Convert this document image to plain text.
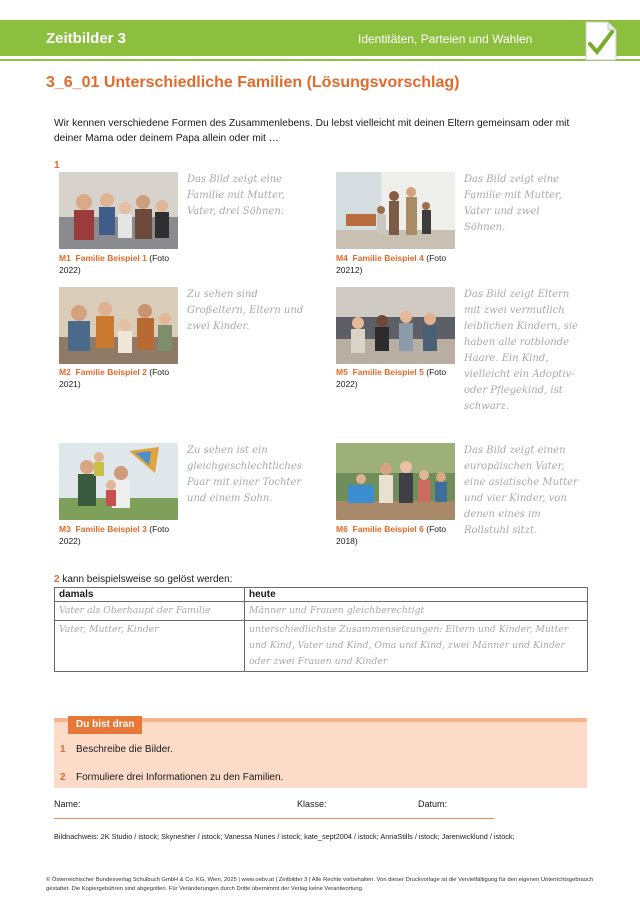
Zeitbilder 3	Identitäten, Parteien und Wahlen
3_6_01 Unterschiedliche Familien (Lösungsvorschlag)
Wir kennen verschiedene Formen des Zusammenlebens. Du lebst vielleicht mit deinen Eltern gemeinsam oder mit deiner Mama oder deinem Papa allein oder mit …
1
M1 Familie Beispiel 1 (Foto 2022)
Das Bild zeigt eine Familie mit Mutter, Vater, drei Söhnen.
M4 Familie Beispiel 4 (Foto 20212)
Das Bild zeigt eine Familie mit Mutter, Vater und zwei Söhnen.
M2 Familie Beispiel 2 (Foto 2021)
Zu sehen sind Großeltern, Eltern und zwei Kinder.
M5 Familie Beispiel 5 (Foto 2022)
Das Bild zeigt Eltern mit zwei vermutlich leiblichen Kindern, sie haben alle rotblonde Haare. Ein Kind, vielleicht ein Adoptiv- oder Pflegekind, ist schwarz.
M3 Familie Beispiel 3 (Foto 2022)
Zu sehen ist ein gleichgeschlechtliches Paar mit einer Tochter und einem Sohn.
M6 Familie Beispiel 6 (Foto 2018)
Das Bild zeigt einen europäischen Vater, eine asiatische Mutter und vier Kinder, von denen eines im Rollstuhl sitzt.
2 kann beispielsweise so gelöst werden:
damals	heute
Vater als Oberhaupt der Familie	Männer und Frauen gleichberechtigt
Vater, Mutter, Kinder	unterschiedlichste Zusammensetzungen: Eltern und Kinder, Mutter und Kind, Vater und Kind, Oma und Kind, zwei Männer und Kinder oder zwei Frauen und Kinder
Du bist dran
1 Beschreibe die Bilder.
2 Formuliere drei Informationen zu den Familien.
Name:	Klasse:	Datum:
Bildnachweis: 2K Studio / istock; Skynesher / istock; Vanessa Nunes / istock; kate_sept2004 / istock; AnnaStills / istock; Jarenwicklund / istock;
© Österreichischer Bundesverlag Schulbuch GmbH & Co. KG, Wien, 2025 | www.oebv.at | Zeitbilder 3 | Alle Rechte vorbehalten. Von dieser Druckvorlage ist die Vervielfältigung für den eigenen Unterrichtsgebrauch gestattet. Die Kopiergebühren sind abgegolten. Für Veränderungen durch Dritte übernimmt der Verlag keine Verantwortung.
